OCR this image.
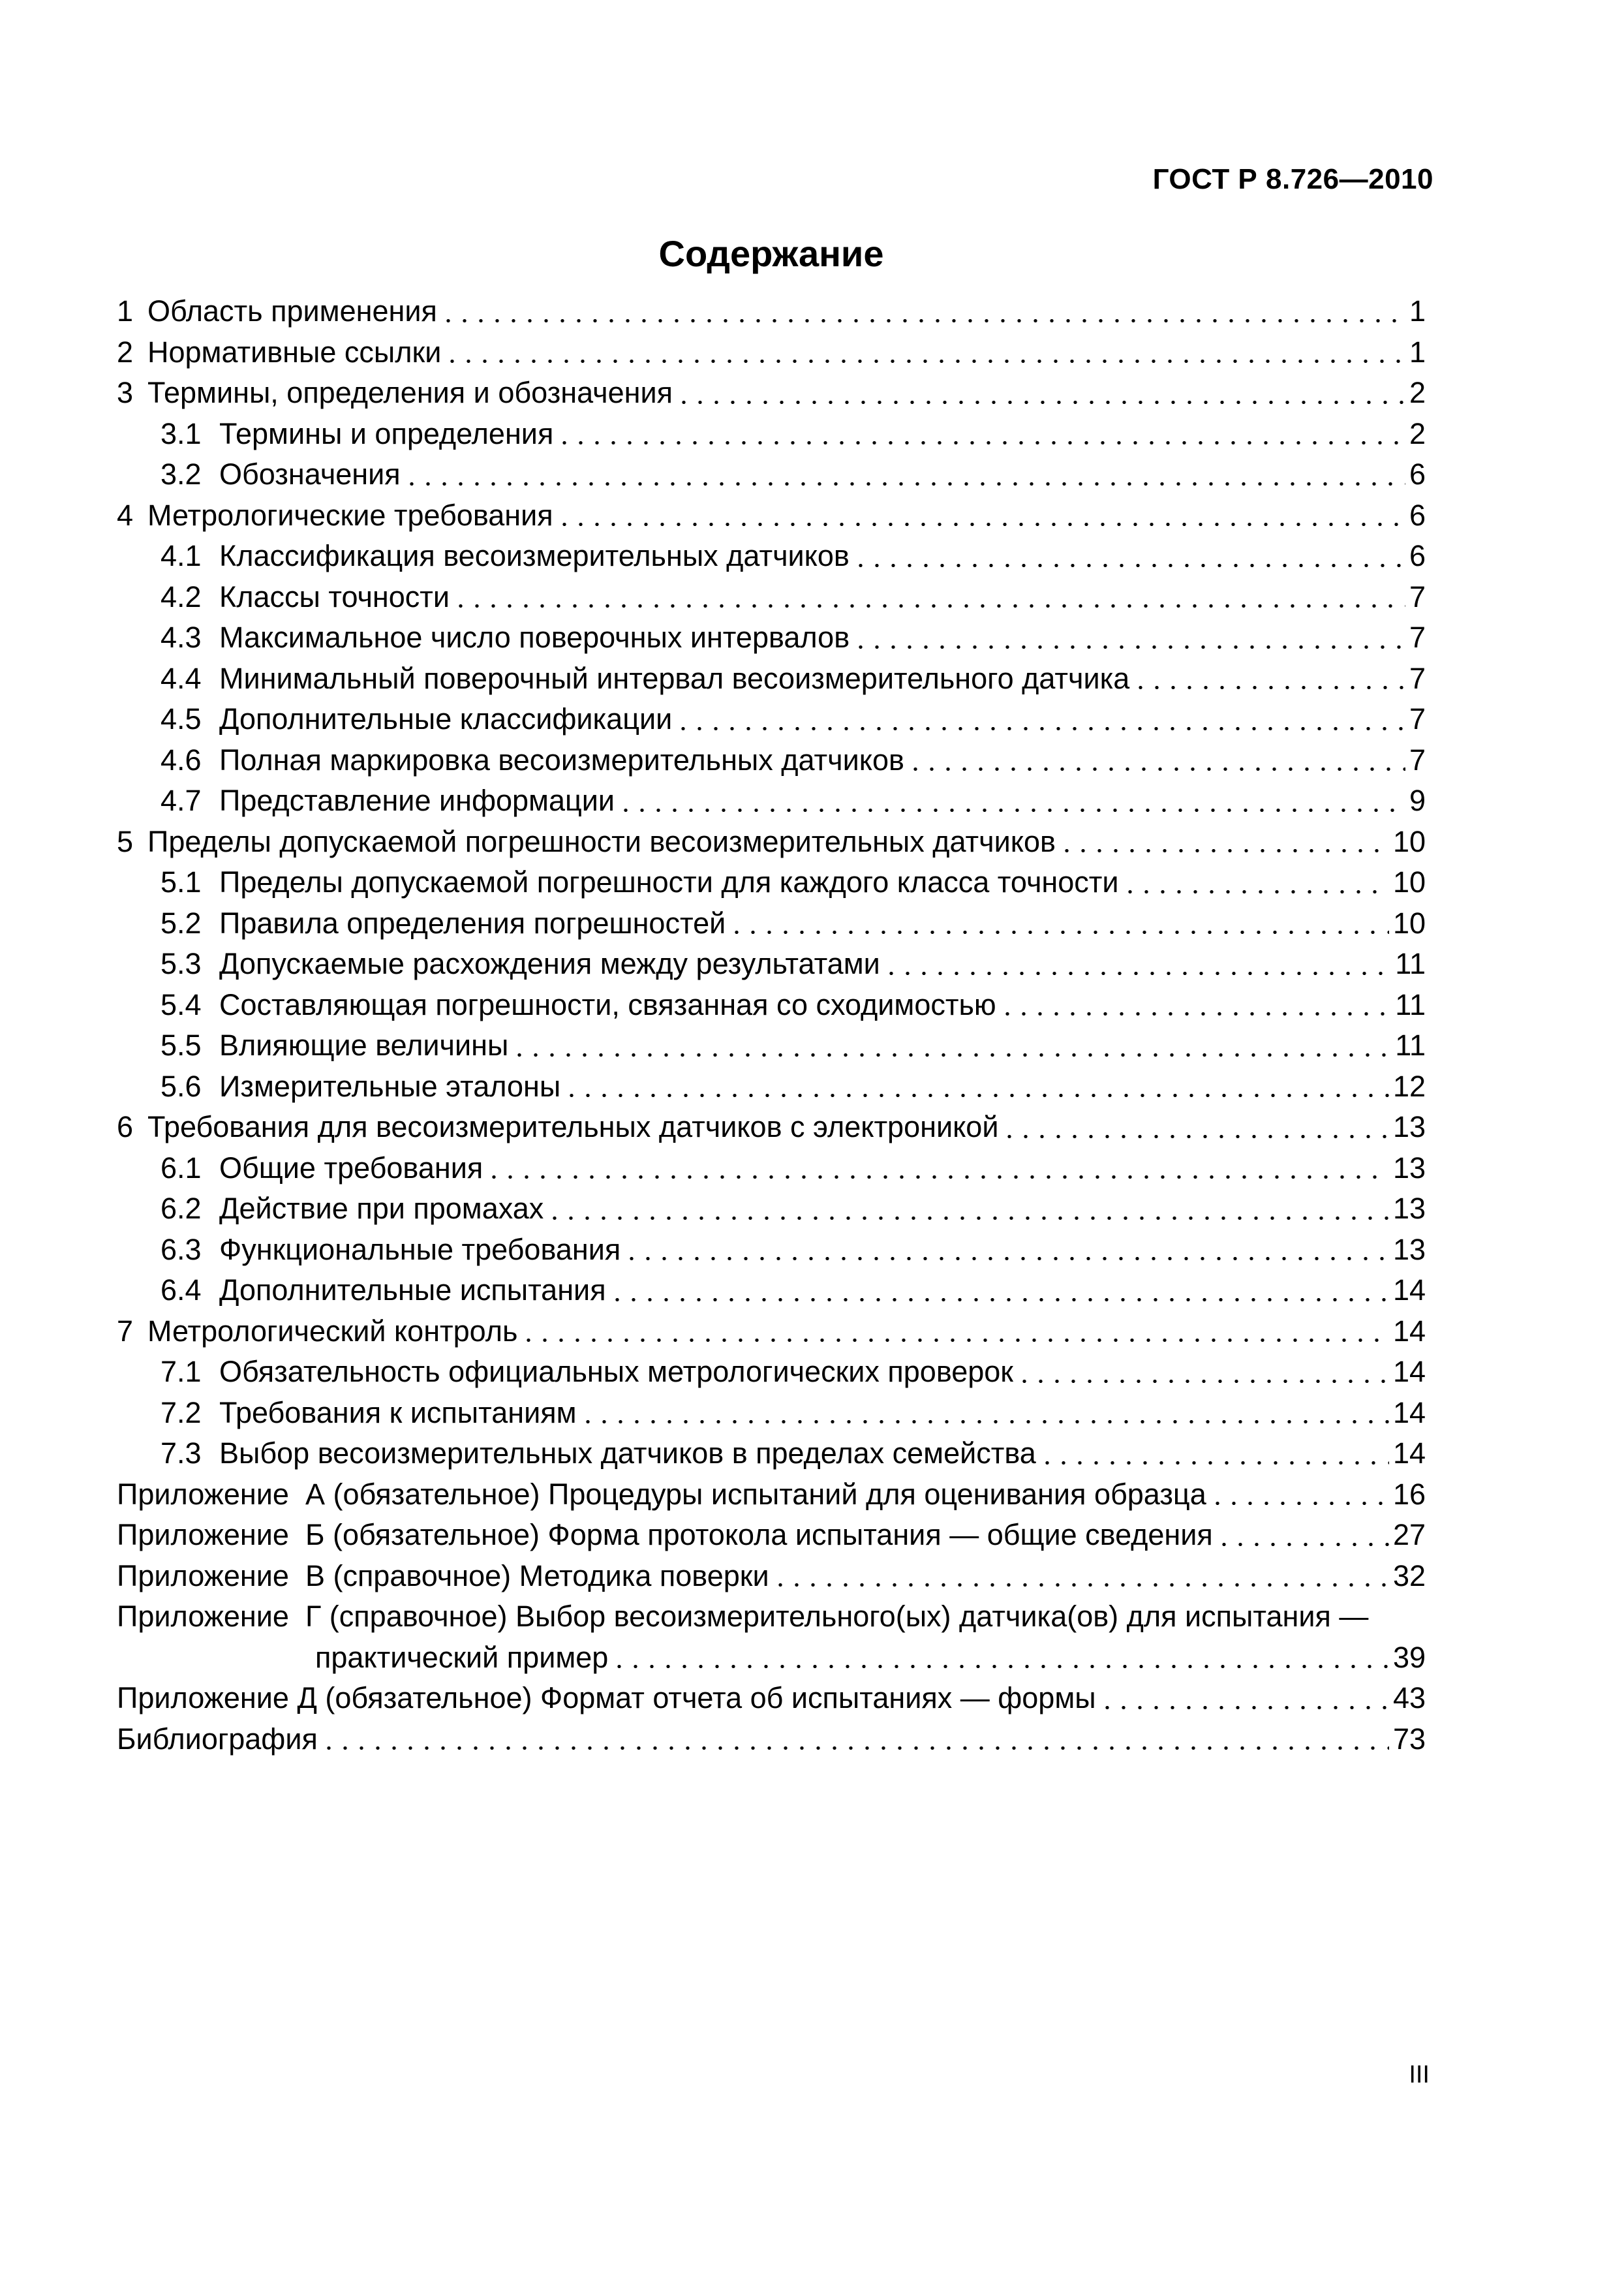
ГОСТ Р 8.726—2010
Содержание
1 Область применения	1
2 Нормативные ссылки	1
3 Термины, определения и обозначения	2
3.1 Термины и определения	2
3.2 Обозначения	6
4 Метрологические требования	6
4.1 Классификация весоизмерительных датчиков	6
4.2 Классы точности	7
4.3 Максимальное число поверочных интервалов	7
4.4 Минимальный поверочный интервал весоизмерительного датчика	7
4.5 Дополнительные классификации	7
4.6 Полная маркировка весоизмерительных датчиков	7
4.7 Представление информации	9
5 Пределы допускаемой погрешности весоизмерительных датчиков	10
5.1 Пределы допускаемой погрешности для каждого класса точности	10
5.2 Правила определения погрешностей	10
5.3 Допускаемые расхождения между результатами	11
5.4 Составляющая погрешности, связанная со сходимостью	11
5.5 Влияющие величины	11
5.6 Измерительные эталоны	12
6 Требования для весоизмерительных датчиков с электроникой	13
6.1 Общие требования	13
6.2 Действие при промахах	13
6.3 Функциональные требования	13
6.4 Дополнительные испытания	14
7 Метрологический контроль	14
7.1 Обязательность официальных метрологических проверок	14
7.2 Требования к испытаниям	14
7.3 Выбор весоизмерительных датчиков в пределах семейства	14
Приложение  А (обязательное) Процедуры испытаний для оценивания образца	16
Приложение  Б (обязательное) Форма протокола испытания — общие сведения	27
Приложение  В (справочное) Методика поверки	32
Приложение  Г (справочное) Выбор весоизмерительного(ых) датчика(ов) для испытания —
практический пример	39
Приложение Д (обязательное) Формат отчета об испытаниях — формы	43
Библиография	73
III
